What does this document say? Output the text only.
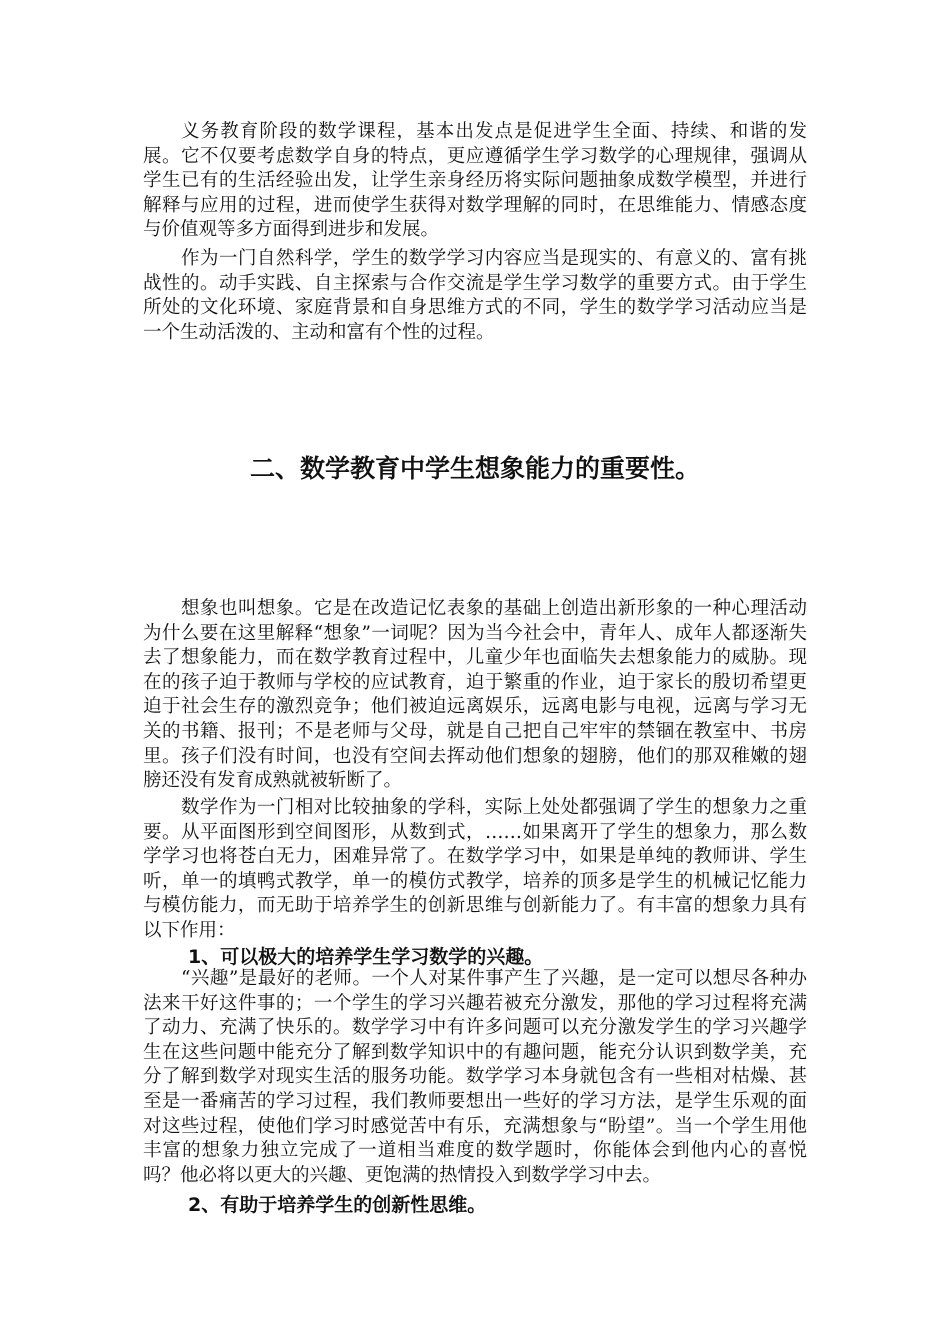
义务教育阶段的数学课程，基本出发点是促进学生全面、持续、和谐的发展。它不仅要考虑数学自身的特点，更应遵循学生学习数学的心理规律，强调从学生已有的生活经验出发，让学生亲身经历将实际问题抽象成数学模型，并进行解释与应用的过程，进而使学生获得对数学理解的同时，在思维能力、情感态度与价值观等多方面得到进步和发展。

作为一门自然科学，学生的数学学习内容应当是现实的、有意义的、富有挑战性的。动手实践、自主探索与合作交流是学生学习数学的重要方式。由于学生所处的文化环境、家庭背景和自身思维方式的不同，学生的数学学习活动应当是一个生动活泼的、主动和富有个性的过程。

二、数学教育中学生想象能力的重要性。

想象也叫想象。它是在改造记忆表象的基础上创造出新形象的一种心理活动为什么要在这里解释“想象”一词呢？因为当今社会中，青年人、成年人都逐渐失去了想象能力，而在数学教育过程中，儿童少年也面临失去想象能力的威胁。现在的孩子迫于教师与学校的应试教育，迫于繁重的作业，迫于家长的殷切希望更迫于社会生存的激烈竞争；他们被迫远离娱乐，远离电影与电视，远离与学习无关的书籍、报刊；不是老师与父母，就是自己把自己牢牢的禁锢在教室中、书房里。孩子们没有时间，也没有空间去挥动他们想象的翅膀，他们的那双稚嫩的翅膀还没有发育成熟就被斩断了。

数学作为一门相对比较抽象的学科，实际上处处都强调了学生的想象力之重要。从平面图形到空间图形，从数到式，……如果离开了学生的想象力，那么数学学习也将苍白无力，困难异常了。在数学学习中，如果是单纯的教师讲、学生听，单一的填鸭式教学，单一的模仿式教学，培养的顶多是学生的机械记忆能力与模仿能力，而无助于培养学生的创新思维与创新能力了。有丰富的想象力具有以下作用：

1、可以极大的培养学生学习数学的兴趣。

“兴趣”是最好的老师。一个人对某件事产生了兴趣，是一定可以想尽各种办法来干好这件事的；一个学生的学习兴趣若被充分激发，那他的学习过程将充满了动力、充满了快乐的。数学学习中有许多问题可以充分激发学生的学习兴趣学生在这些问题中能充分了解到数学知识中的有趣问题，能充分认识到数学美，充分了解到数学对现实生活的服务功能。数学学习本身就包含有一些相对枯燥、甚至是一番痛苦的学习过程，我们教师要想出一些好的学习方法，是学生乐观的面对这些过程，使他们学习时感觉苦中有乐，充满想象与“盼望”。当一个学生用他丰富的想象力独立完成了一道相当难度的数学题时，你能体会到他内心的喜悦吗？他必将以更大的兴趣、更饱满的热情投入到数学学习中去。

2、有助于培养学生的创新性思维。
